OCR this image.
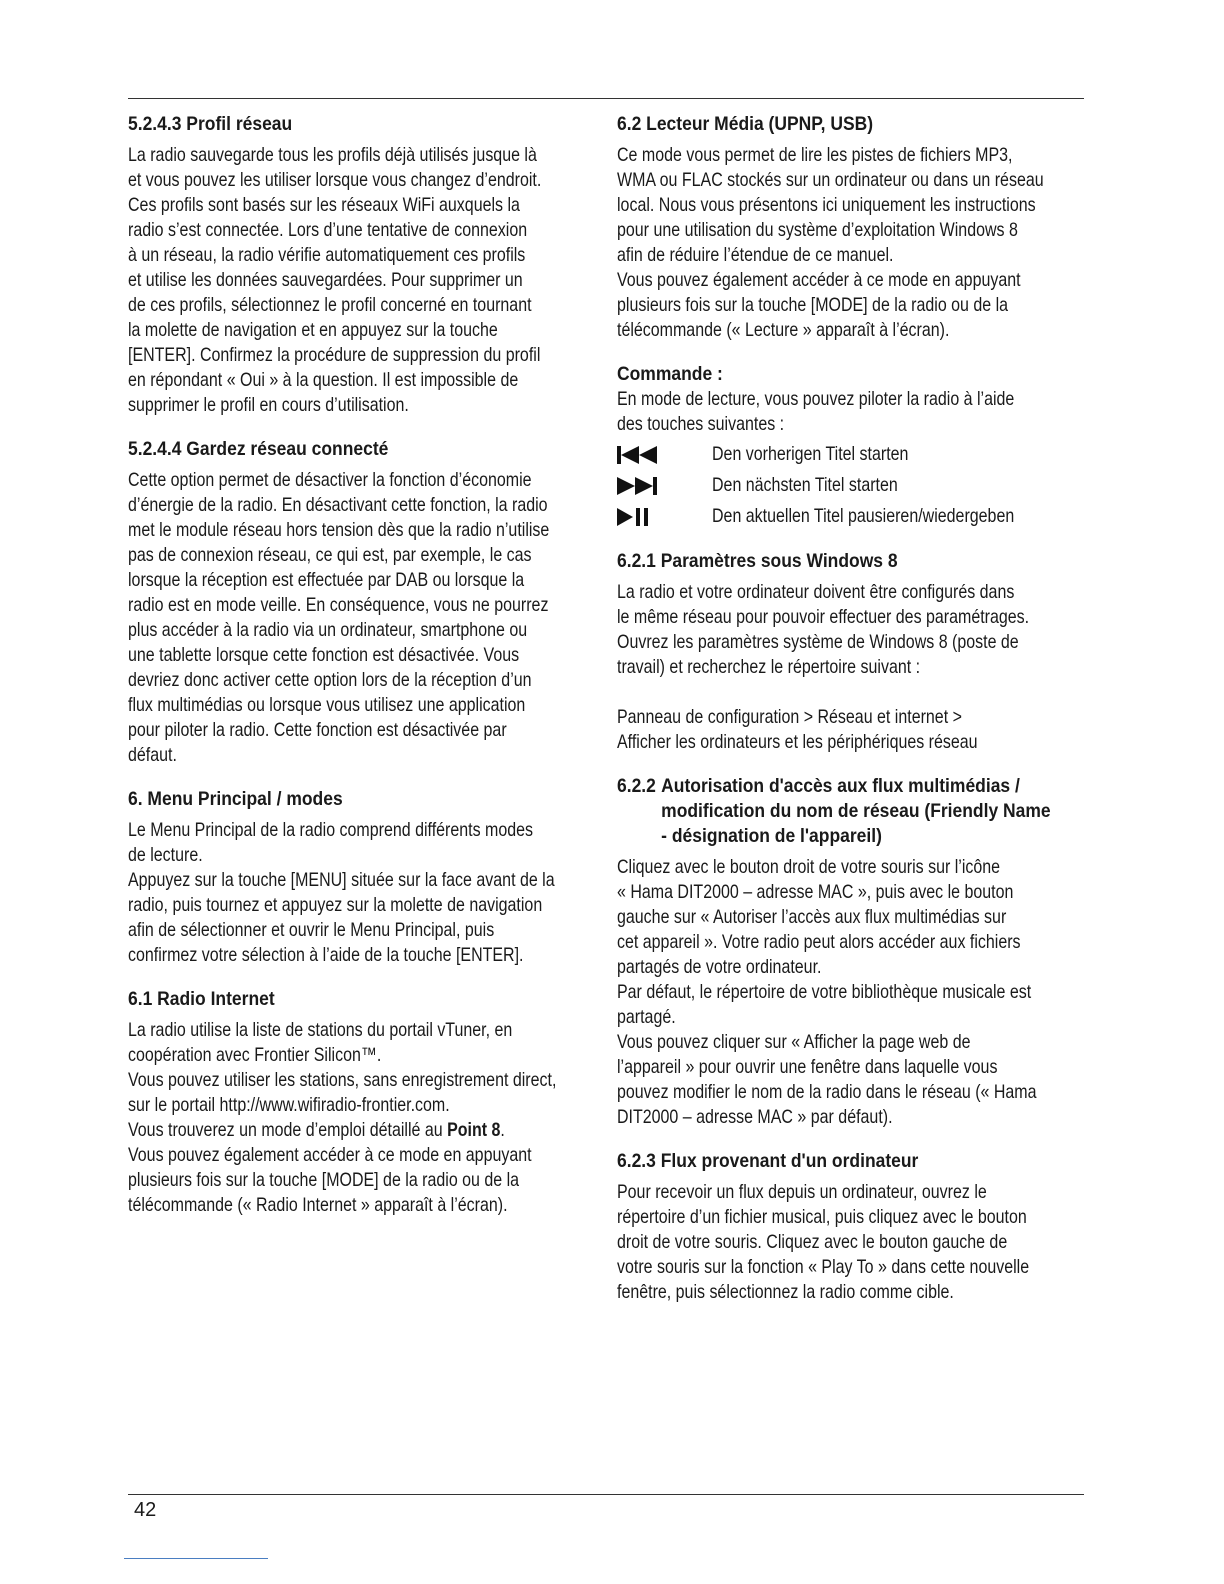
5.2.4.3 Profil réseau
La radio sauvegarde tous les profils déjà utilisés jusque là
et vous pouvez les utiliser lorsque vous changez d’endroit.
Ces profils sont basés sur les réseaux WiFi auxquels la
radio s’est connectée. Lors d’une tentative de connexion
à un réseau, la radio vérifie automatiquement ces profils
et utilise les données sauvegardées. Pour supprimer un
de ces profils, sélectionnez le profil concerné en tournant
la molette de navigation et en appuyez sur la touche
[ENTER]. Confirmez la procédure de suppression du profil
en répondant « Oui » à la question. Il est impossible de
supprimer le profil en cours d’utilisation.
5.2.4.4 Gardez réseau connecté
Cette option permet de désactiver la fonction d’économie
d’énergie de la radio. En désactivant cette fonction, la radio
met le module réseau hors tension dès que la radio n’utilise
pas de connexion réseau, ce qui est, par exemple, le cas
lorsque la réception est effectuée par DAB ou lorsque la
radio est en mode veille. En conséquence, vous ne pourrez
plus accéder à la radio via un ordinateur, smartphone ou
une tablette lorsque cette fonction est désactivée. Vous
devriez donc activer cette option lors de la réception d’un
flux multimédias ou lorsque vous utilisez une application
pour piloter la radio. Cette fonction est désactivée par
défaut.
6. Menu Principal / modes
Le Menu Principal de la radio comprend différents modes
de lecture.
Appuyez sur la touche [MENU] située sur la face avant de la
radio, puis tournez et appuyez sur la molette de navigation
afin de sélectionner et ouvrir le Menu Principal, puis
confirmez votre sélection à l’aide de la touche [ENTER].
6.1 Radio Internet
La radio utilise la liste de stations du portail vTuner, en
coopération avec Frontier Silicon™.
Vous pouvez utiliser les stations, sans enregistrement direct,
sur le portail http://www.wifiradio-frontier.com.
Vous trouverez un mode d’emploi détaillé au Point 8.
Vous pouvez également accéder à ce mode en appuyant
plusieurs fois sur la touche [MODE] de la radio ou de la
télécommande (« Radio Internet » apparaît à l’écran).
6.2 Lecteur Média (UPNP, USB)
Ce mode vous permet de lire les pistes de fichiers MP3,
WMA ou FLAC stockés sur un ordinateur ou dans un réseau
local. Nous vous présentons ici uniquement les instructions
pour une utilisation du système d’exploitation Windows 8
afin de réduire l’étendue de ce manuel.
Vous pouvez également accéder à ce mode en appuyant
plusieurs fois sur la touche [MODE] de la radio ou de la
télécommande (« Lecture » apparaît à l’écran).
Commande :
En mode de lecture, vous pouvez piloter la radio à l’aide
des touches suivantes :
Den vorherigen Titel starten
Den nächsten Titel starten
Den aktuellen Titel pausieren/wiedergeben
6.2.1 Paramètres sous Windows 8
La radio et votre ordinateur doivent être configurés dans
le même réseau pour pouvoir effectuer des paramétrages.
Ouvrez les paramètres système de Windows 8 (poste de
travail) et recherchez le répertoire suivant :
Panneau de configuration > Réseau et internet >
Afficher les ordinateurs et les périphériques réseau
6.2.2 Autorisation d'accès aux flux multimédias /
modification du nom de réseau (Friendly Name
- désignation de l'appareil)
Cliquez avec le bouton droit de votre souris sur l’icône
« Hama DIT2000 – adresse MAC », puis avec le bouton
gauche sur « Autoriser l’accès aux flux multimédias sur
cet appareil ». Votre radio peut alors accéder aux fichiers
partagés de votre ordinateur.
Par défaut, le répertoire de votre bibliothèque musicale est
partagé.
Vous pouvez cliquer sur « Afficher la page web de
l’appareil » pour ouvrir une fenêtre dans laquelle vous
pouvez modifier le nom de la radio dans le réseau (« Hama
DIT2000 – adresse MAC » par défaut).
6.2.3 Flux provenant d'un ordinateur
Pour recevoir un flux depuis un ordinateur, ouvrez le
répertoire d’un fichier musical, puis cliquez avec le bouton
droit de votre souris. Cliquez avec le bouton gauche de
votre souris sur la fonction « Play To » dans cette nouvelle
fenêtre, puis sélectionnez la radio comme cible.
42
